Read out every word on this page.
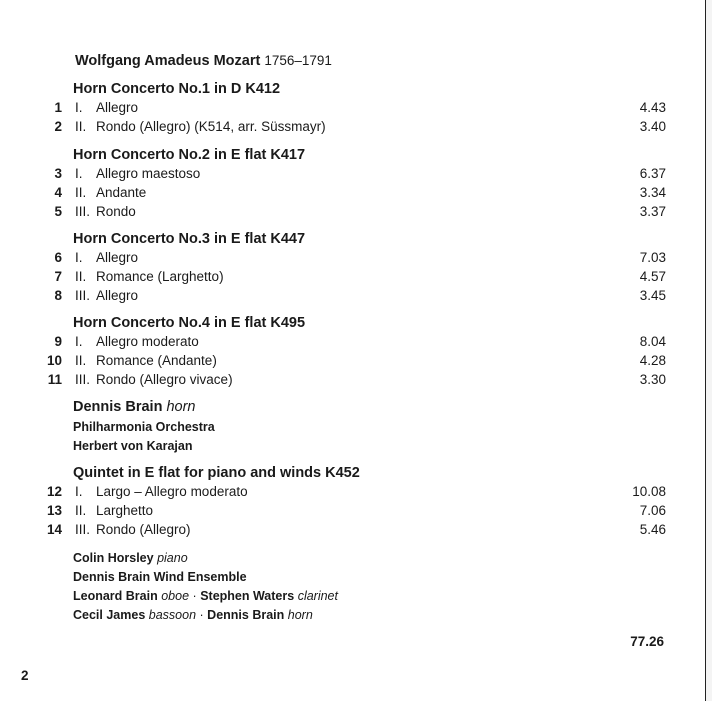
Wolfgang Amadeus Mozart 1756–1791
Horn Concerto No.1 in D K412
1 I. Allegro	4.43
2 II. Rondo (Allegro) (K514, arr. Süssmayr)	3.40
Horn Concerto No.2 in E flat K417
3 I. Allegro maestoso	6.37
4 II. Andante	3.34
5 III. Rondo	3.37
Horn Concerto No.3 in E flat K447
6 I. Allegro	7.03
7 II. Romance (Larghetto)	4.57
8 III. Allegro	3.45
Horn Concerto No.4 in E flat K495
9 I. Allegro moderato	8.04
10 II. Romance (Andante)	4.28
11 III. Rondo (Allegro vivace)	3.30
Dennis Brain horn
Philharmonia Orchestra
Herbert von Karajan
Quintet in E flat for piano and winds K452
12 I. Largo – Allegro moderato	10.08
13 II. Larghetto	7.06
14 III. Rondo (Allegro)	5.46
Colin Horsley piano
Dennis Brain Wind Ensemble
Leonard Brain oboe · Stephen Waters clarinet
Cecil James bassoon · Dennis Brain horn
77.26
2
